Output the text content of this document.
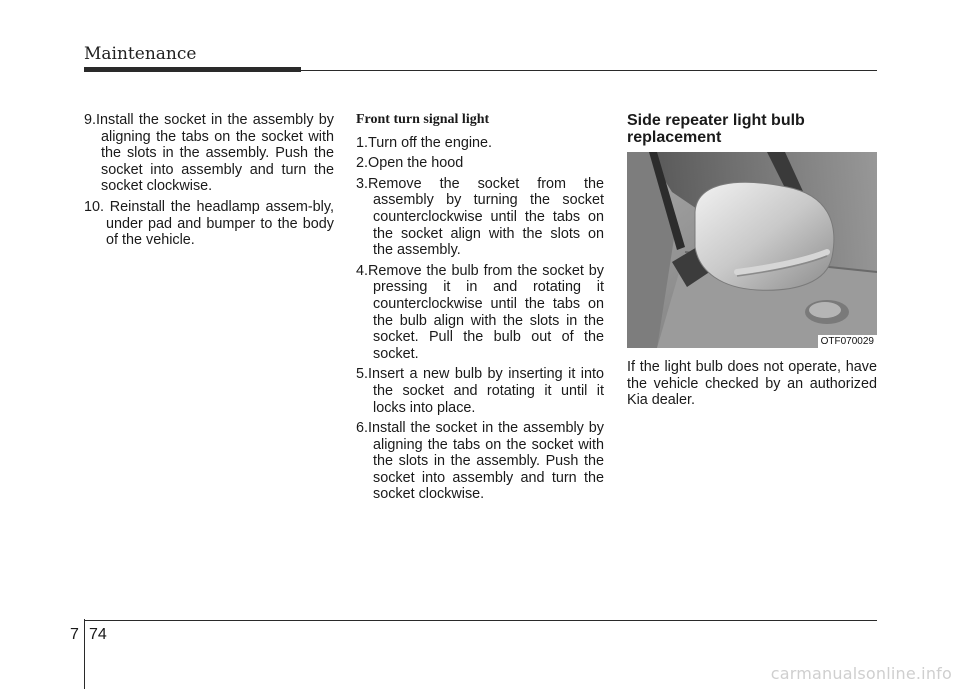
Maintenance
9.Install the socket in the assembly by aligning the tabs on the socket with the slots in the assembly. Push the socket into assembly and turn the socket clockwise.
10. Reinstall the headlamp assem-bly, under pad and bumper to the body of the vehicle.
Front turn signal light
1.Turn off the engine.
2.Open the hood
3.Remove the socket from the assembly by turning the socket counterclockwise until the tabs on the socket align with the slots on the assembly.
4.Remove the bulb from the socket by pressing it in and rotating it counterclockwise until the tabs on the bulb align with the slots in the socket. Pull the bulb out of the socket.
5.Insert a new bulb by inserting it into the socket and rotating it until it locks into place.
6.Install the socket in the assembly by aligning the tabs on the socket with the slots in the assembly. Push the socket into assembly and turn the socket clockwise.
Side repeater light bulb replacement
OTF070029
If the light bulb does not operate, have the vehicle checked by an authorized Kia dealer.
7 74
carmanualsonline.info
